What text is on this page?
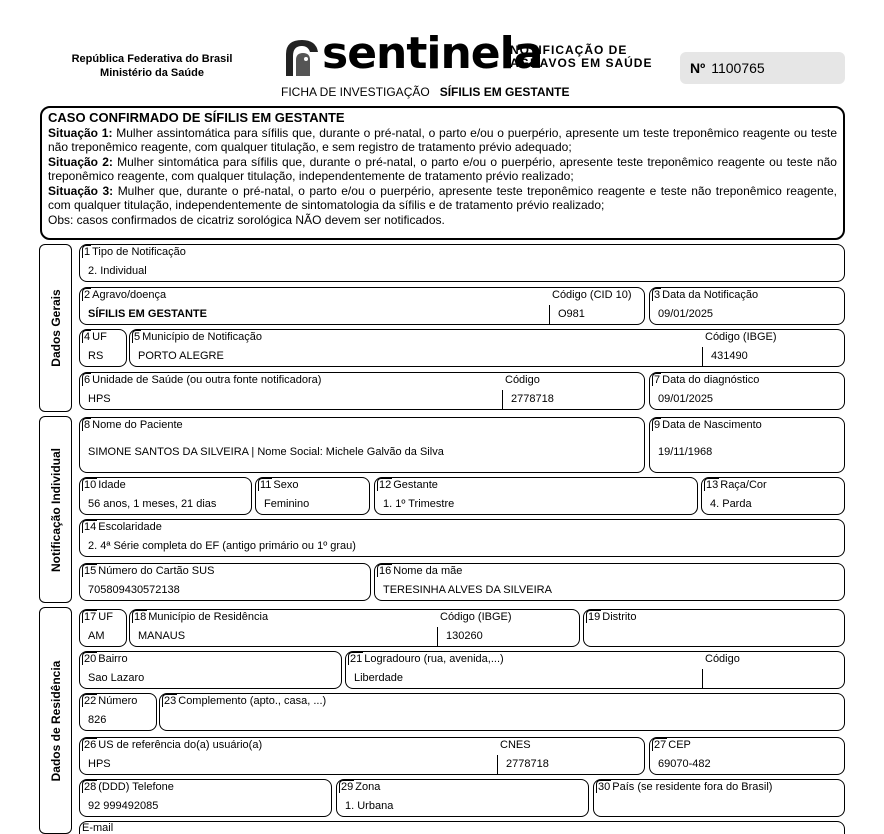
República Federativa do Brasil
Ministério da Saúde	sentinela
NOTIFICAÇÃO DE
AGRAVOS EM SAÚDE	Nº 1100765
FICHA DE INVESTIGAÇÃO SÍFILIS EM GESTANTE
CASO CONFIRMADO DE SÍFILIS EM GESTANTE
Situação 1: Mulher assintomática para sífilis que, durante o pré-natal, o parto e/ou o puerpério, apresente um teste treponêmico reagente ou teste não treponêmico reagente, com qualquer titulação, e sem registro de tratamento prévio adequado;
Situação 2: Mulher sintomática para sífilis que, durante o pré-natal, o parto e/ou o puerpério, apresente teste treponêmico reagente ou teste não treponêmico reagente, com qualquer titulação, independentemente de tratamento prévio realizado;
Situação 3: Mulher que, durante o pré-natal, o parto e/ou o puerpério, apresente teste treponêmico reagente e teste não treponêmico reagente, com qualquer titulação, independentemente de sintomatologia da sífilis e de tratamento prévio realizado;
Obs: casos confirmados de cicatriz sorológica NÃO devem ser notificados.
Dados Gerais
Notificação Individual
Dados de Residência
1 Tipo de Notificação
2. Individual
2 Agravo/doença
SÍFILIS EM GESTANTE
Código (CID 10)
O981
3 Data da Notificação
09/01/2025
4 UF
RS
5 Município de Notificação
PORTO ALEGRE
Código (IBGE)
431490
6 Unidade de Saúde (ou outra fonte notificadora)
HPS
Código
2778718
7 Data do diagnóstico
09/01/2025
8 Nome do Paciente
SIMONE SANTOS DA SILVEIRA | Nome Social: Michele Galvão da Silva
9 Data de Nascimento
19/11/1968
10 Idade
56 anos, 1 meses, 21 dias
11 Sexo
Feminino
12 Gestante
1. 1º Trimestre
13 Raça/Cor
4. Parda
14 Escolaridade
2. 4ª Série completa do EF (antigo primário ou 1º grau)
15 Número do Cartão SUS
705809430572138
16 Nome da mãe
TERESINHA ALVES DA SILVEIRA
17 UF
AM
18 Município de Residência
MANAUS
Código (IBGE)
130260
19 Distrito
20 Bairro
Sao Lazaro
21 Logradouro (rua, avenida,...)
Liberdade
Código
22 Número
826
23 Complemento (apto., casa, ...)
26 US de referência do(a) usuário(a)
HPS
CNES
2778718
27 CEP
69070-482
28 (DDD) Telefone
92 999492085
29 Zona
1. Urbana
30 País (se residente fora do Brasil)
E-mail
